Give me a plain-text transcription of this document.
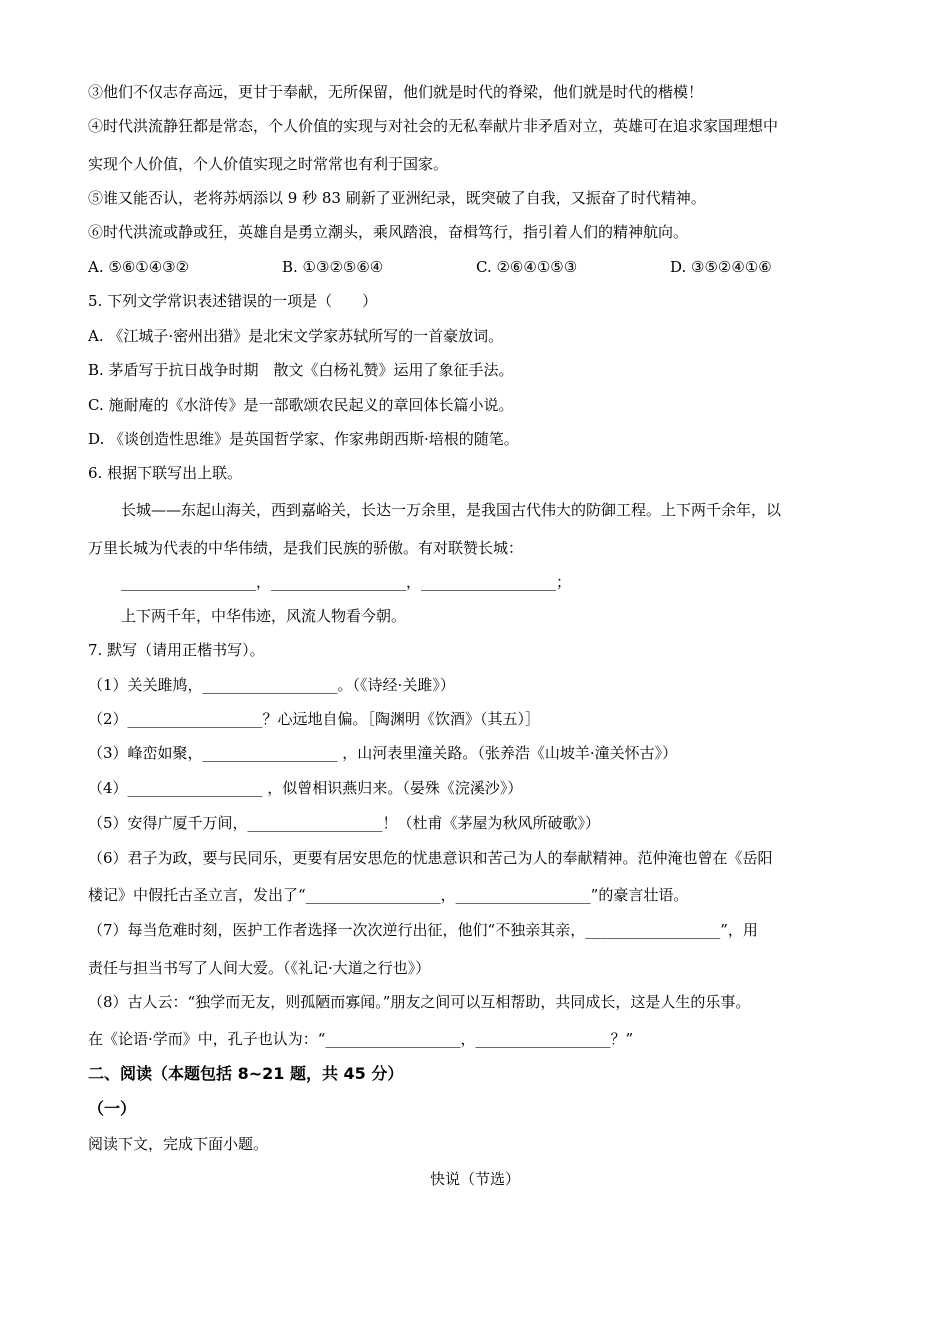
③他们不仅志存高远，更甘于奉献，无所保留，他们就是时代的脊梁，他们就是时代的楷模！
④时代洪流静狂都是常态，个人价值的实现与对社会的无私奉献片非矛盾对立，英雄可在追求家国理想中
实现个人价值，个人价值实现之时常常也有利于国家。
⑤谁又能否认，老将苏炳添以 9 秒 83 刷新了亚洲纪录，既突破了自我，又振奋了时代精神。
⑥时代洪流或静或狂，英雄自是勇立潮头，乘风踏浪，奋楫笃行，指引着人们的精神航向。
A. ⑤⑥①④③②	B. ①③②⑤⑥④	C. ②⑥④①⑤③	D. ③⑤②④①⑥
5. 下列文学常识表述错误的一项是（　　）
A. 《江城子·密州出猎》是北宋文学家苏轼所写的一首豪放词。
B. 茅盾写于抗日战争时期　散文《白杨礼赞》运用了象征手法。
C. 施耐庵的《水浒传》是一部歌颂农民起义的章回体长篇小说。
D. 《谈创造性思维》是英国哲学家、作家弗朗西斯·培根的随笔。
6. 根据下联写出上联。
长城——东起山海关，西到嘉峪关，长达一万余里，是我国古代伟大的防御工程。上下两千余年，以
万里长城为代表的中华伟绩，是我们民族的骄傲。有对联赞长城：
__________________，__________________，__________________；
上下两千年，中华伟迹，风流人物看今朝。
7. 默写（请用正楷书写）。
（1）关关雎鸠，__________________。（《诗经·关雎》）
（2）__________________？心远地自偏。［陶渊明《饮酒》（其五）］
（3）峰峦如聚，__________________ ，山河表里潼关路。（张养浩《山坡羊·潼关怀古》）
（4）__________________ ，似曾相识燕归来。（晏殊《浣溪沙》）
（5）安得广厦千万间，__________________！（杜甫《茅屋为秋风所破歌》）
（6）君子为政，要与民同乐，更要有居安思危的忧患意识和苦己为人的奉献精神。范仲淹也曾在《岳阳
楼记》中假托古圣立言，发出了“__________________，__________________”的豪言壮语。
（7）每当危难时刻，医护工作者选择一次次逆行出征，他们“不独亲其亲，__________________”，用
责任与担当书写了人间大爱。（《礼记·大道之行也》）
（8）古人云：“独学而无友，则孤陋而寡闻。”朋友之间可以互相帮助，共同成长，这是人生的乐事。
在《论语·学而》中，孔子也认为：“__________________，__________________？”
二、阅读（本题包括 8~21 题，共 45 分）
（一）
阅读下文，完成下面小题。
快说（节选）
